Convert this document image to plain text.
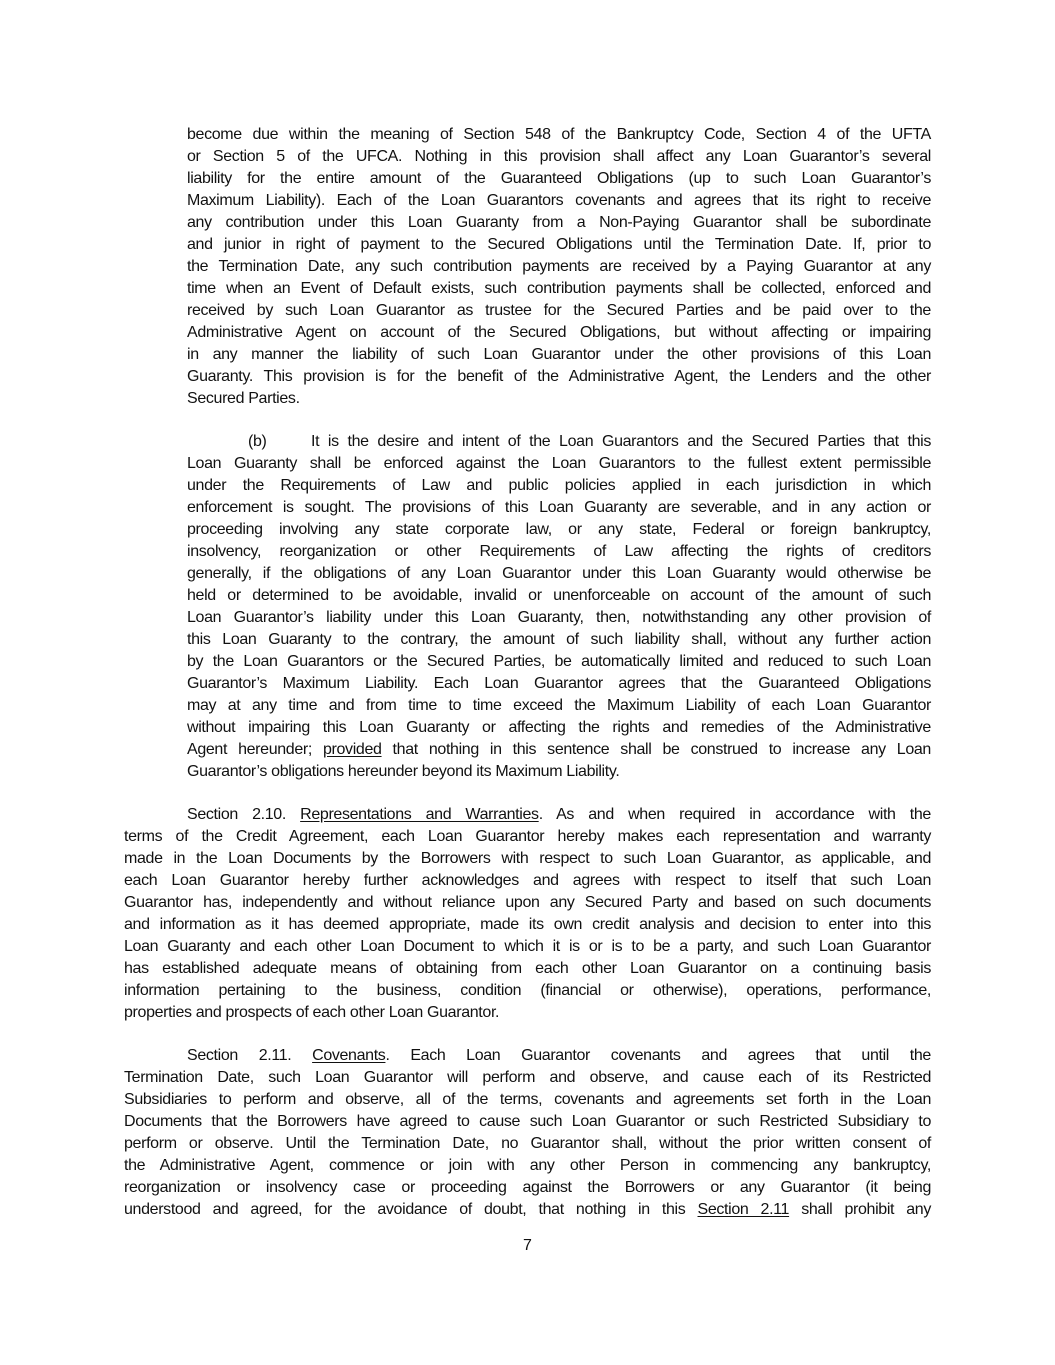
become due within the meaning of Section 548 of the Bankruptcy Code, Section 4 of the UFTA
or Section 5 of the UFCA. Nothing in this provision shall affect any Loan Guarantor’s several
liability for the entire amount of the Guaranteed Obligations (up to such Loan Guarantor’s
Maximum Liability). Each of the Loan Guarantors covenants and agrees that its right to receive
any contribution under this Loan Guaranty from a Non-Paying Guarantor shall be subordinate
and junior in right of payment to the Secured Obligations until the Termination Date. If, prior to
the Termination Date, any such contribution payments are received by a Paying Guarantor at any
time when an Event of Default exists, such contribution payments shall be collected, enforced and
received by such Loan Guarantor as trustee for the Secured Parties and be paid over to the
Administrative Agent on account of the Secured Obligations, but without affecting or impairing
in any manner the liability of such Loan Guarantor under the other provisions of this Loan
Guaranty. This provision is for the benefit of the Administrative Agent, the Lenders and the other
Secured Parties.
(b)	It is the desire and intent of the Loan Guarantors and the Secured Parties that this
Loan Guaranty shall be enforced against the Loan Guarantors to the fullest extent permissible
under the Requirements of Law and public policies applied in each jurisdiction in which
enforcement is sought. The provisions of this Loan Guaranty are severable, and in any action or
proceeding involving any state corporate law, or any state, Federal or foreign bankruptcy,
insolvency, reorganization or other Requirements of Law affecting the rights of creditors
generally, if the obligations of any Loan Guarantor under this Loan Guaranty would otherwise be
held or determined to be avoidable, invalid or unenforceable on account of the amount of such
Loan Guarantor’s liability under this Loan Guaranty, then, notwithstanding any other provision of
this Loan Guaranty to the contrary, the amount of such liability shall, without any further action
by the Loan Guarantors or the Secured Parties, be automatically limited and reduced to such Loan
Guarantor’s Maximum Liability. Each Loan Guarantor agrees that the Guaranteed Obligations
may at any time and from time to time exceed the Maximum Liability of each Loan Guarantor
without impairing this Loan Guaranty or affecting the rights and remedies of the Administrative
Agent hereunder; provided that nothing in this sentence shall be construed to increase any Loan
Guarantor’s obligations hereunder beyond its Maximum Liability.
Section 2.10. Representations and Warranties. As and when required in accordance with the
terms of the Credit Agreement, each Loan Guarantor hereby makes each representation and warranty
made in the Loan Documents by the Borrowers with respect to such Loan Guarantor, as applicable, and
each Loan Guarantor hereby further acknowledges and agrees with respect to itself that such Loan
Guarantor has, independently and without reliance upon any Secured Party and based on such documents
and information as it has deemed appropriate, made its own credit analysis and decision to enter into this
Loan Guaranty and each other Loan Document to which it is or is to be a party, and such Loan Guarantor
has established adequate means of obtaining from each other Loan Guarantor on a continuing basis
information pertaining to the business, condition (financial or otherwise), operations, performance,
properties and prospects of each other Loan Guarantor.
Section 2.11. Covenants. Each Loan Guarantor covenants and agrees that until the
Termination Date, such Loan Guarantor will perform and observe, and cause each of its Restricted
Subsidiaries to perform and observe, all of the terms, covenants and agreements set forth in the Loan
Documents that the Borrowers have agreed to cause such Loan Guarantor or such Restricted Subsidiary to
perform or observe. Until the Termination Date, no Guarantor shall, without the prior written consent of
the Administrative Agent, commence or join with any other Person in commencing any bankruptcy,
reorganization or insolvency case or proceeding against the Borrowers or any Guarantor (it being
understood and agreed, for the avoidance of doubt, that nothing in this Section 2.11 shall prohibit any
7
